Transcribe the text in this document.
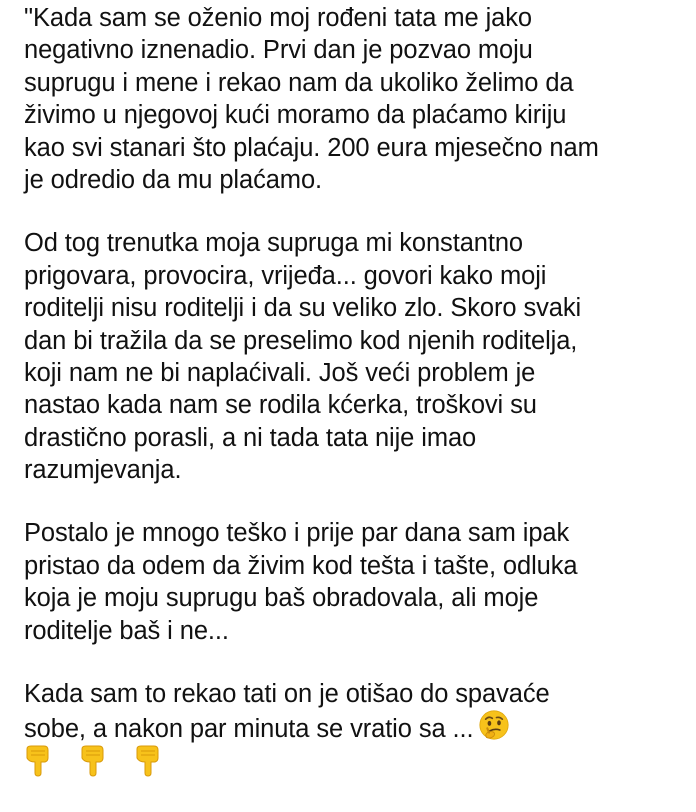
"Kada sam se oženio moj rođeni tata me jako
negativno iznenadio. Prvi dan je pozvao moju
suprugu i mene i rekao nam da ukoliko želimo da
živimo u njegovoj kući moramo da plaćamo kiriju
kao svi stanari što plaćaju. 200 eura mjesečno nam
je odredio da mu plaćamo.
Od tog trenutka moja supruga mi konstantno
prigovara, provocira, vrijeđa... govori kako moji
roditelji nisu roditelji i da su veliko zlo. Skoro svaki
dan bi tražila da se preselimo kod njenih roditelja,
koji nam ne bi naplaćivali. Još veći problem je
nastao kada nam se rodila kćerka, troškovi su
drastično porasli, a ni tada tata nije imao
razumjevanja.
Postalo je mnogo teško i prije par dana sam ipak
pristao da odem da živim kod tešta i tašte, odluka
koja je moju suprugu baš obradovala, ali moje
roditelje baš i ne...
Kada sam to rekao tati on je otišao do spavaće
sobe, a nakon par minuta se vratio sa ...
